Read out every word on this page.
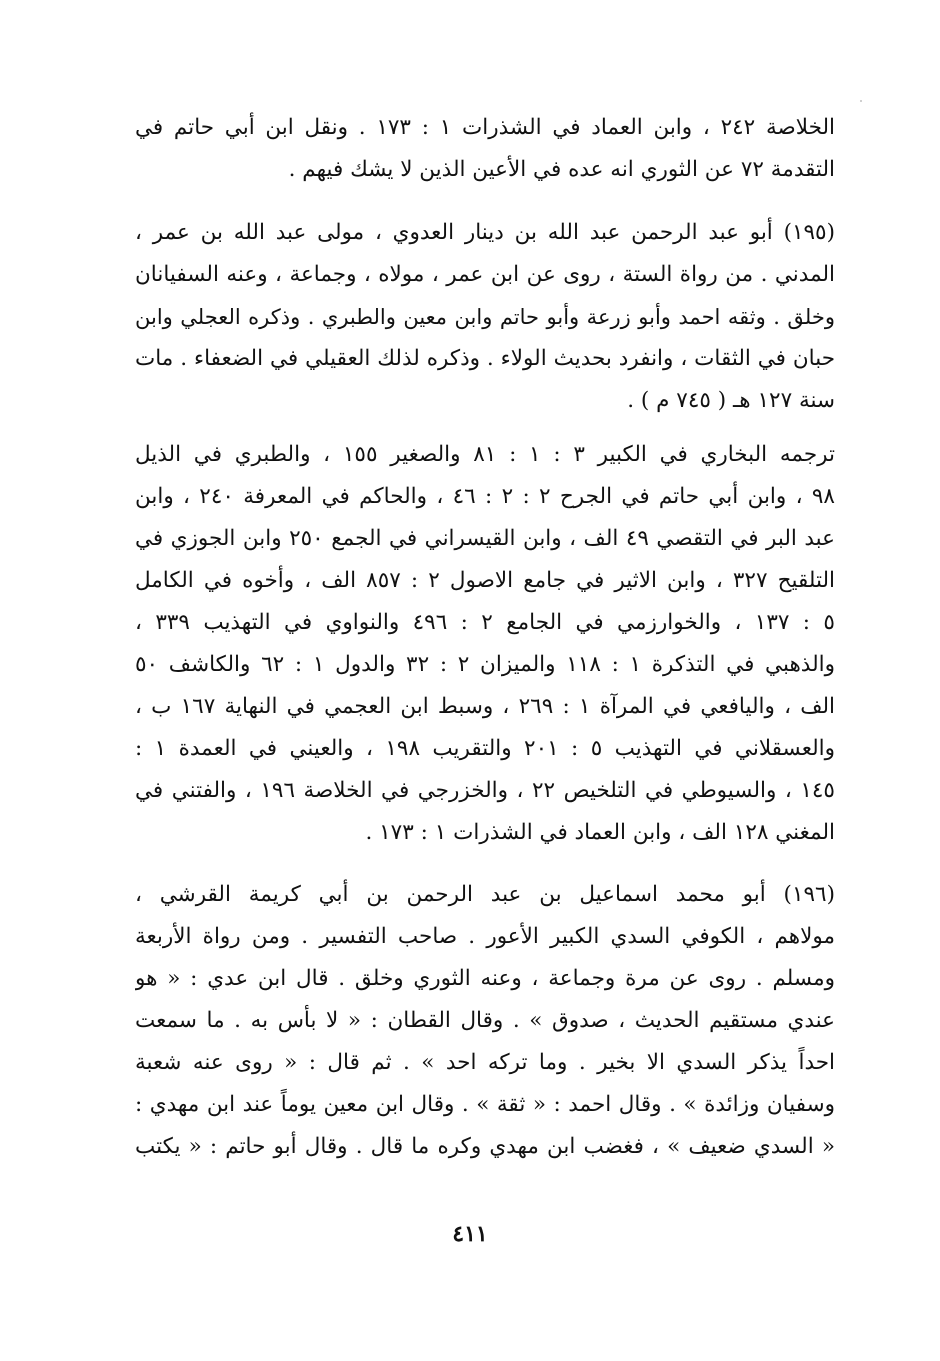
الخلاصة ٢٤٢ ، وابن العماد في الشذرات ١ : ١٧٣ . ونقل ابن أبي حاتم في
التقدمة ٧٢ عن الثوري انه عده في الأعين الذين لا يشك فيهم .
(١٩٥) أبو عبد الرحمن عبد الله بن دينار العدوي ، مولى عبد الله بن عمر ،
المدني . من رواة الستة ، روى عن ابن عمر ، مولاه ، وجماعة ، وعنه السفيانان
وخلق . وثقه احمد وأبو زرعة وأبو حاتم وابن معين والطبري . وذكره العجلي وابن
حبان في الثقات ، وانفرد بحديث الولاء . وذكره لذلك العقيلي في الضعفاء . مات
سنة ١٢٧ هـ ( ٧٤٥ م ) .
ترجمه البخاري في الكبير ٣ : ١ : ٨١ والصغير ١٥٥ ، والطبري في الذيل
٩٨ ، وابن أبي حاتم في الجرح ٢ : ٢ : ٤٦ ، والحاكم في المعرفة ٢٤٠ ، وابن
عبد البر في التقصي ٤٩ الف ، وابن القيسراني في الجمع ٢٥٠ وابن الجوزي في
التلقيح ٣٢٧ ، وابن الاثير في جامع الاصول ٢ : ٨٥٧ الف ، وأخوه في الكامل
٥ : ١٣٧ ، والخوارزمي في الجامع ٢ : ٤٩٦ والنواوي في التهذيب ٣٣٩ ،
والذهبي في التذكرة ١ : ١١٨ والميزان ٢ : ٣٢ والدول ١ : ٦٢ والكاشف ٥٠
الف ، واليافعي في المرآة ١ : ٢٦٩ ، وسبط ابن العجمي في النهاية ١٦٧ ب ،
والعسقلاني في التهذيب ٥ : ٢٠١ والتقريب ١٩٨ ، والعيني في العمدة ١ :
١٤٥ ، والسيوطي في التلخيص ٢٢ ، والخزرجي في الخلاصة ١٩٦ ، والفتني في
المغني ١٢٨ الف ، وابن العماد في الشذرات ١ : ١٧٣ .
(١٩٦) أبو محمد اسماعيل بن عبد الرحمن بن أبي كريمة القرشي ،
مولاهم ، الكوفي السدي الكبير الأعور . صاحب التفسير . ومن رواة الأربعة
ومسلم . روى عن مرة وجماعة ، وعنه الثوري وخلق . قال ابن عدي : « هو
عندي مستقيم الحديث ، صدوق » . وقال القطان : « لا بأس به . ما سمعت
احداً يذكر السدي الا بخير . وما تركه احد » . ثم قال : « روى عنه شعبة
وسفيان وزائدة » . وقال احمد : « ثقة » . وقال ابن معين يوماً عند ابن مهدي :
« السدي ضعيف » ، فغضب ابن مهدي وكره ما قال . وقال أبو حاتم : « يكتب
٤١١
